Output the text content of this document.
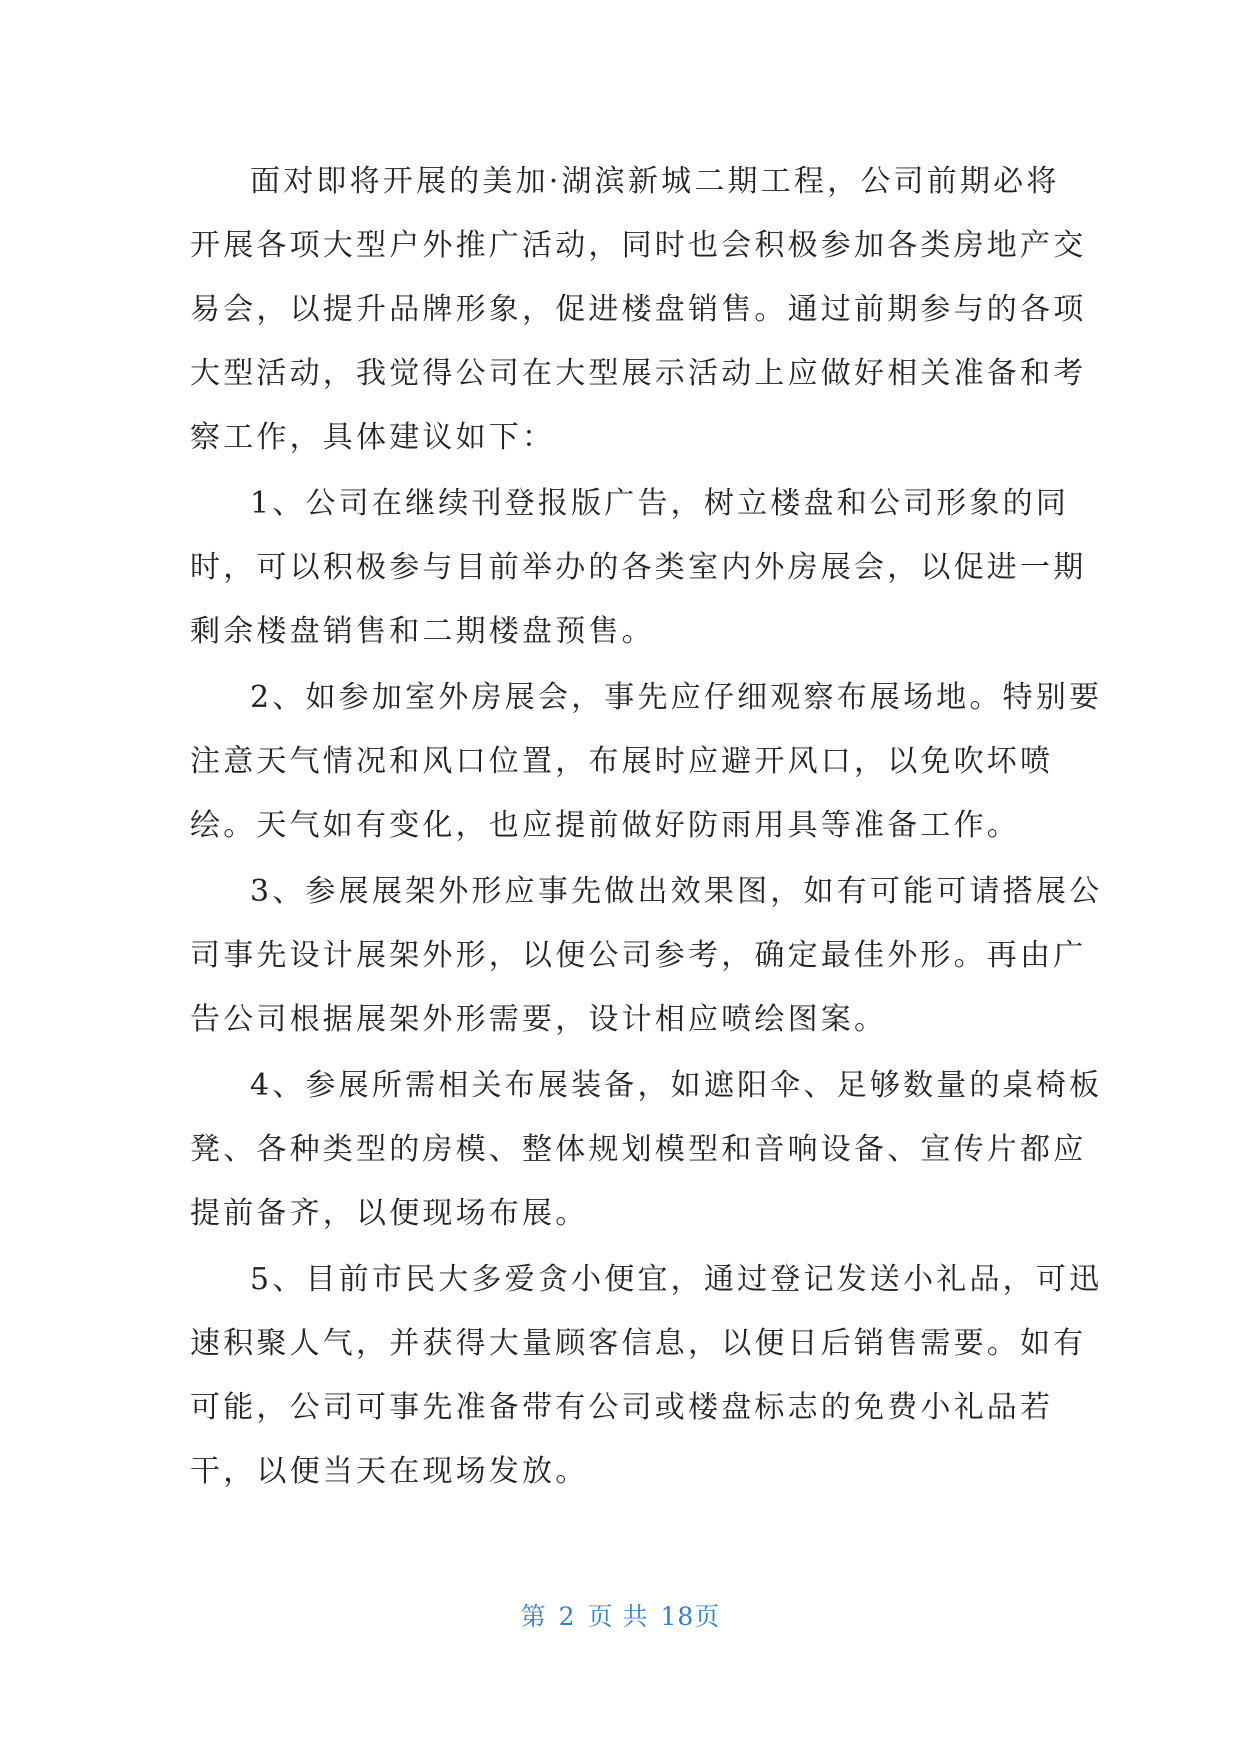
面对即将开展的美加·湖滨新城二期工程，公司前期必将
开展各项大型户外推广活动，同时也会积极参加各类房地产交
易会，以提升品牌形象，促进楼盘销售。通过前期参与的各项
大型活动，我觉得公司在大型展示活动上应做好相关准备和考
察工作，具体建议如下：
1、公司在继续刊登报版广告，树立楼盘和公司形象的同
时，可以积极参与目前举办的各类室内外房展会，以促进一期
剩余楼盘销售和二期楼盘预售。
2、如参加室外房展会，事先应仔细观察布展场地。特别要
注意天气情况和风口位置，布展时应避开风口，以免吹坏喷
绘。天气如有变化，也应提前做好防雨用具等准备工作。
3、参展展架外形应事先做出效果图，如有可能可请搭展公
司事先设计展架外形，以便公司参考，确定最佳外形。再由广
告公司根据展架外形需要，设计相应喷绘图案。
4、参展所需相关布展装备，如遮阳伞、足够数量的桌椅板
凳、各种类型的房模、整体规划模型和音响设备、宣传片都应
提前备齐，以便现场布展。
5、目前市民大多爱贪小便宜，通过登记发送小礼品，可迅
速积聚人气，并获得大量顾客信息，以便日后销售需要。如有
可能，公司可事先准备带有公司或楼盘标志的免费小礼品若
干，以便当天在现场发放。
第 2 页 共 18页
